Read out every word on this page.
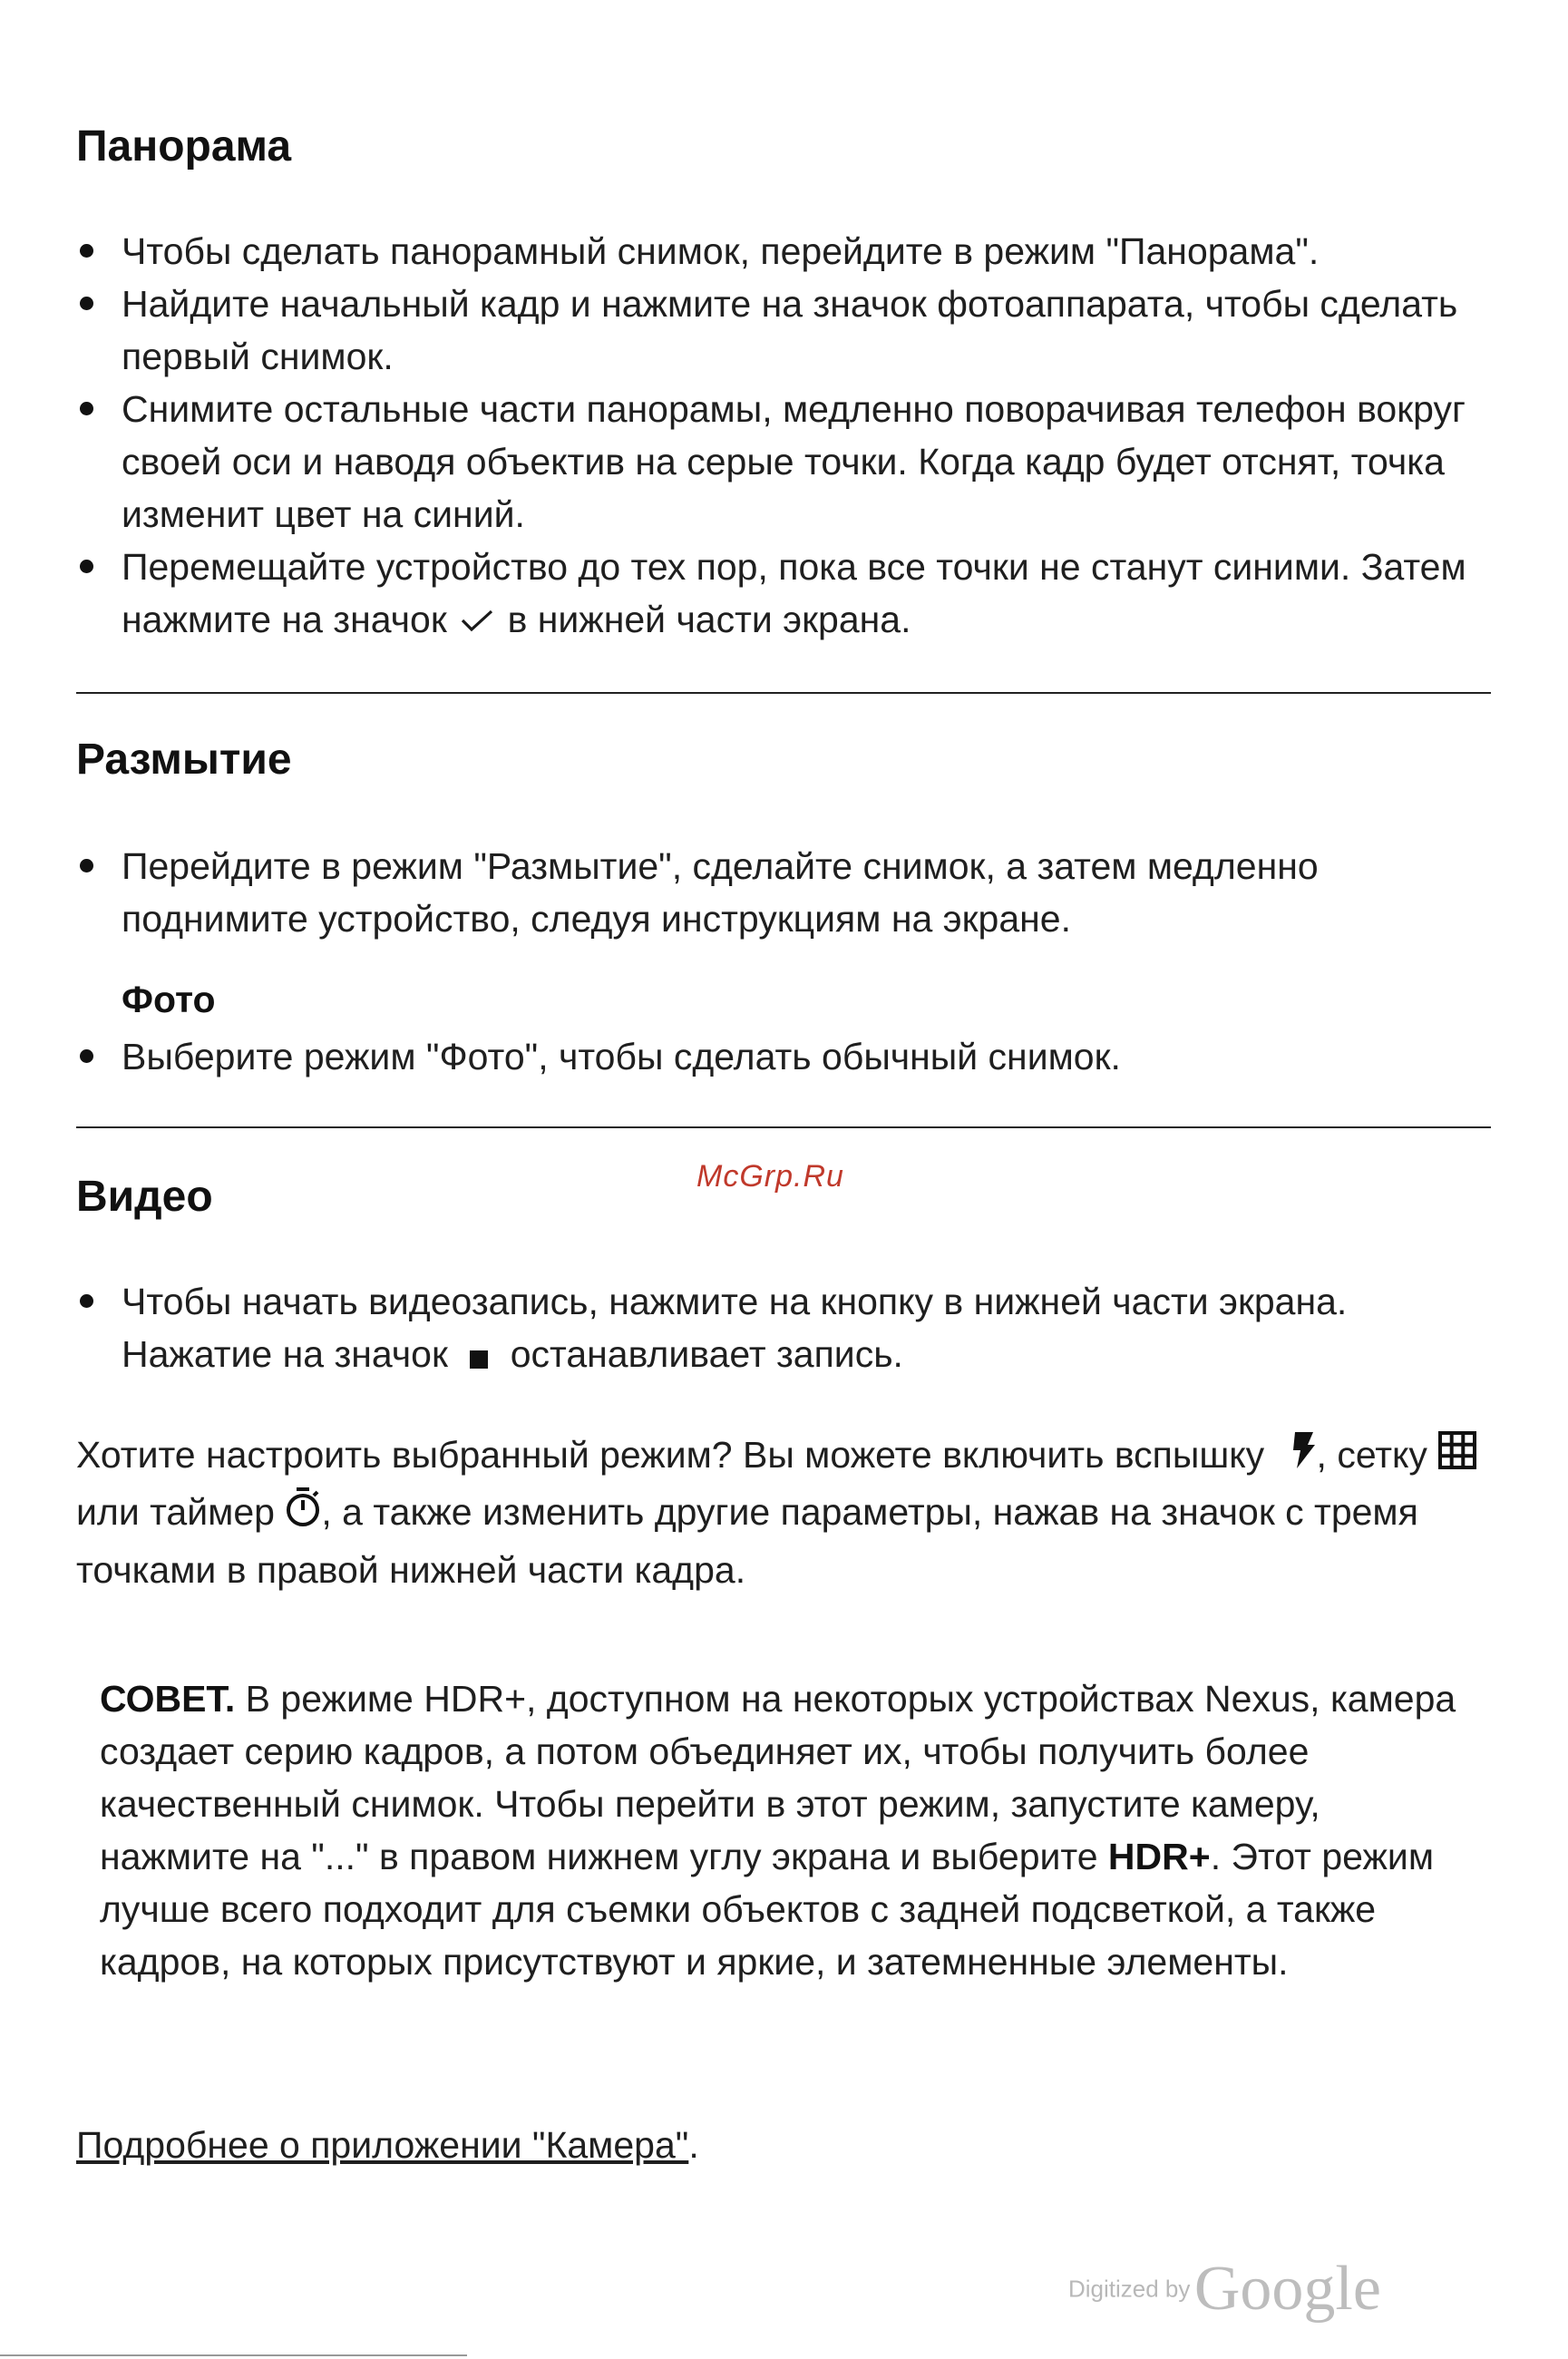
Панорама
Чтобы сделать панорамный снимок, перейдите в режим "Панорама".
Найдите начальный кадр и нажмите на значок фотоаппарата, чтобы сделать первый снимок.
Снимите остальные части панорамы, медленно поворачивая телефон вокруг своей оси и наводя объектив на серые точки. Когда кадр будет отснят, точка изменит цвет на синий.
Перемещайте устройство до тех пор, пока все точки не станут синими. Затем нажмите на значок в нижней части экрана.
Размытие
Перейдите в режим "Размытие", сделайте снимок, а затем медленно поднимите устройство, следуя инструкциям на экране.
Фото
Выберите режим "Фото", чтобы сделать обычный снимок.
Видео
Чтобы начать видеозапись, нажмите на кнопку в нижней части экрана. Нажатие на значок останавливает запись.
Хотите настроить выбранный режим? Вы можете включить вспышку , сетку  или таймер , а также изменить другие параметры, нажав на значок с тремя точками в правой нижней части кадра.
СОВЕТ. В режиме HDR+, доступном на некоторых устройствах Nexus, камера создает серию кадров, а потом объединяет их, чтобы получить более качественный снимок. Чтобы перейти в этот режим, запустите камеру, нажмите на "..." в правом нижнем углу экрана и выберите HDR+. Этот режим лучше всего подходит для съемки объектов с задней подсветкой, а также кадров, на которых присутствуют и яркие, и затемненные элементы.
Подробнее о приложении "Камера".
McGrp.Ru
Digitized by Google
